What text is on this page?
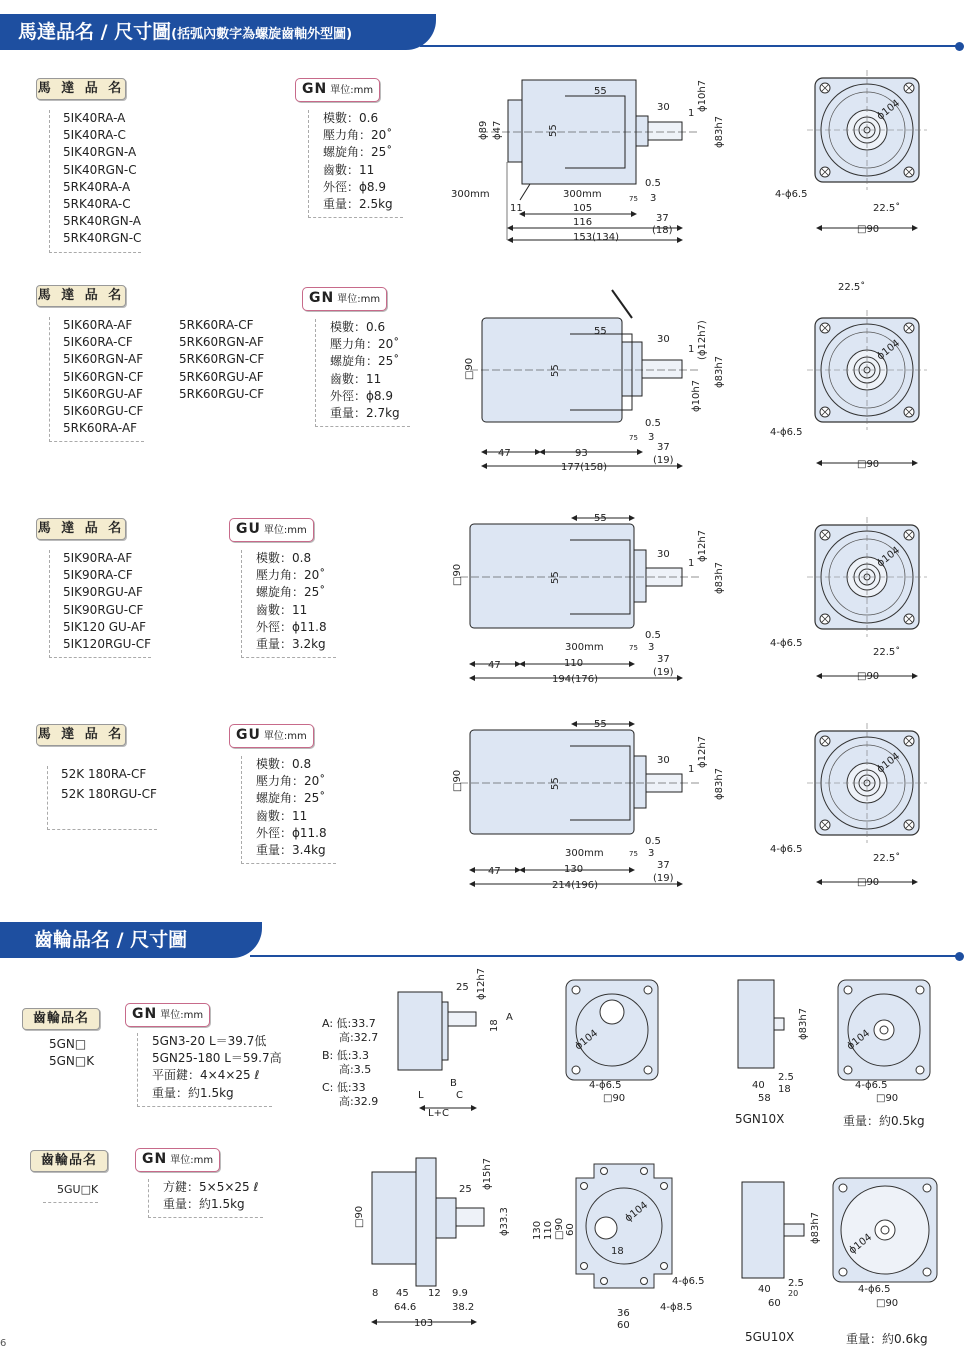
馬達品名 / 尺寸圖(括弧內數字為螺旋齒軸外型圖)
齒輪品名 / 尺寸圖
馬 達 品 名	GN 單位:mm
5IK40RA-A
5IK40RA-C
5IK40RGN-A
5IK40RGN-C
5RK40RA-A
5RK40RA-C
5RK40RGN-A
5RK40RGN-C
模數：0.6
壓力角：20˚
螺旋角：25˚
齒數：11
外徑：ϕ8.9
重量：2.5kg
馬 達 品 名	GN 單位:mm
5IK60RA-AF
5IK60RA-CF
5IK60RGN-AF
5IK60RGN-CF
5IK60RGU-AF
5IK60RGU-CF
5RK60RA-AF
5RK60RA-CF
5RK60RGN-AF
5RK60RGN-CF
5RK60RGU-AF
5RK60RGU-CF
模數：0.6
壓力角：20˚
螺旋角：25˚
齒數：11
外徑：ϕ8.9
重量：2.7kg
馬 達 品 名	GU 單位:mm
5IK90RA-AF
5IK90RA-CF
5IK90RGU-AF
5IK90RGU-CF
5IK120 GU-AF
5IK120RGU-CF
模數：0.8
壓力角：20˚
螺旋角：25˚
齒數：11
外徑：ϕ11.8
重量：3.2kg
馬 達 品 名	GU 單位:mm
52K 180RA-CF
52K 180RGU-CF
模數：0.8
壓力角：20˚
螺旋角：25˚
齒數：11
外徑：ϕ11.8
重量：3.4kg
齒輪品名	GN 單位:mm
5GN□
5GN□K
5GN3-20 L＝39.7低
5GN25-180 L＝59.7高
平面鍵：4×4×25 ℓ
重量：約1.5kg
A: 低:33.7
高:32.7
B: 低:3.3
高:3.5
C: 低:33
高:32.9
齒輪品名	GN 單位:mm
5GU□K	方鍵：5×5×25 ℓ
重量：約1.5kg
5GN10X	重量：約0.5kg
5GU10X	重量：約0.6kg
6
55
30
1
ϕ10h7
ϕ83h7
ϕ89 ϕ47	55
300mm	300mm
0.5
75 3
11	105
116	37
(18)
153(134)
4-ϕ6.5
ϕ104
22.5˚
□90
55
30
1 (ϕ12h7)
ϕ10h7
ϕ83h7
□90	55
0.5
75 3
47	93
37
(19)
177(158)
4-ϕ6.5
ϕ104
22.5˚
□90
55
30
1
ϕ12h7
ϕ83h7
□90	55
300mm
0.5
75 3
47	110	37
(19)
194(176)
4-ϕ6.5
ϕ104
22.5˚
□90
55
30
1
ϕ12h7
ϕ83h7
□90	55
300mm
0.5
75 3
47	130	37
(19)
214(196)
4-ϕ6.5
ϕ104
22.5˚
□90
25 ϕ12h7
18
A
B
L	C
L+C
ϕ104
4-ϕ6.5
□90
ϕ83h7
40
2.5
18
58
ϕ104
4-ϕ6.5
□90
25 ϕ15h7
ϕ33.3
□90
8 45 12 9.9
64.6	38.2
103
130 110 □90 60
ϕ104
18
4-ϕ6.5
4-ϕ8.5
36
60
ϕ83h7
40
2.5
20
60
ϕ104
4-ϕ6.5
□90
